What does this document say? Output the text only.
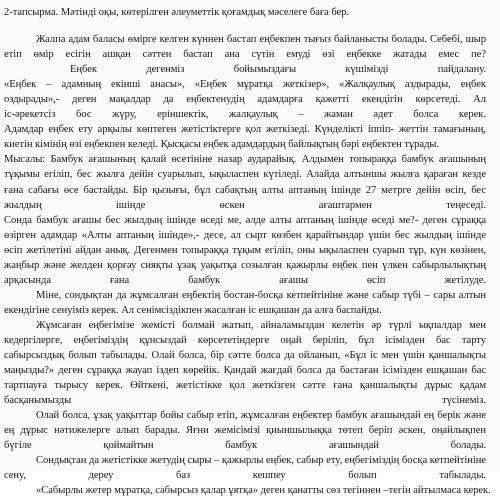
2-тапсырма. Мәтінді оқы, көтерілген әлеуметтік қоғамдық мәселеге баға бер.

Жалпа адам баласы өмірге келген күннен бастап еңбекпен тығыз байланысты болады. Себебі, шыр
етіп өмір есігін ашқан сәттен бастап ана сүтін емуді өзі еңбекке жатады емес пе?
Еңбек дегенміз бойымыздағы күшімізді пайдалану.
«Еңбек – адамның екінші анасы», «Еңбек мұратқа жеткізер», «Жалқаулық аздырады, еңбек
оздырады»,- деген мақалдар да еңбектенудің адамдарға қажетті екендігін көрсетеді. Ал
іс-әрекетсіз бос жүру, еріншектік, жалқаулық – жаман әдет болса керек.
Адамдар еңбек ету арқылы көптеген жетістіктерге қол жеткізеді. Күнделікті іппіп- жеттін тамағының,
киетін кімінің өзі еңбекпен келеді. Қысқасы еңбек адамдардың байлықтың бәрі еңбектен тұрады.
Мысалы: Бамбук ағашының қалай өсетініне назар аударайық. Алдымен топыраққа бамбук ағашының
тұқымы егіліп, бес жылға дейін суарылып, ықыласпен күтіледі. Алайда алтыншы жылға қараған кезде
ғана сабағы өсе бастайды. Бір қызығы, бұл сабақтың алты аптаның ішінде 27 метрге дейін өсіп, бес
жылдың ішінде өскен ағаштармен теңеседі.
Сонда бамбук ағашы бес жылдың ішінде өседі ме, әлде алты аптаның ішінде өседі ме?- деген сұраққа
өзірген адамдар «Алты аптаның ішінде»,- десе, ал сырт көзбен қарайтындар үшін бес жылдың ішінде
өсіп жетілетіні айдан анық. Дегенмен топыраққа тұқым егіліп, оны ықыласпен суарып тұр, күн көзінен,
жаңбыр және желден қорғау сияқты ұзақ уақытқа созылған қажырлы еңбек пен үлкен сабырлылықтың
арқасында ғана бамбук ағашы өсіп жетілуде.
Міне, сондықтан да жұмсалған еңбектің бостан-босқа кетпейтініне және сабыр түбі – сары алтын
екендігіне сенуіміз керек. Ал сенімсіздікпен жасалған іс ешқашан да алға баспайды.
Жұмсаған еңбегімізе жемісті болмай жатып, айналамыздан келетін әр түрлі ықпалдар мен
кедергілерге, еңбегіміздің құнсыздай көрсететіндерге оңай беріліп, бұл ісімізден бас тарту
сабырсыздық болып табылады. Олай болса, бір сәтте болса да ойланып, «Бұл іс мен үшін қаншалықты
маңызды?» деген сұраққа жауап іздеп көрейік. Қандай жағдай болса да бастаған ісімізден ешқашан бас
тартпауға тырысу керек. Өйткені, жетістікке қол жеткізген сәтте ғана қаншалықты дұрыс қадам
басқанымызды түсінеміз.
Олай болса, ұзақ уақыттар бойы сабыр етіп, жұмсалған еңбектер бамбук ағашындай ең берік және
ең дұрыс нәтижелерге алып барады. Яғни жемісімізі қиыншылыққа төтеп беріп әскен, оңайлықпен
бүгіле қоймайтын бамбук ағашындай болады.
Сондықтан да жетістікке жетудің сыры – қажырлы еңбек, сабыр ету, еңбегіміздің босқа кетпейтініне
сену, дереу баз кешпеу болып табылады.
«Сабырлы жетер мұратқа, сабырсыз қалар ұятқа» деген қанатты сөз тегіннен –тегін айтылмаса керек.
